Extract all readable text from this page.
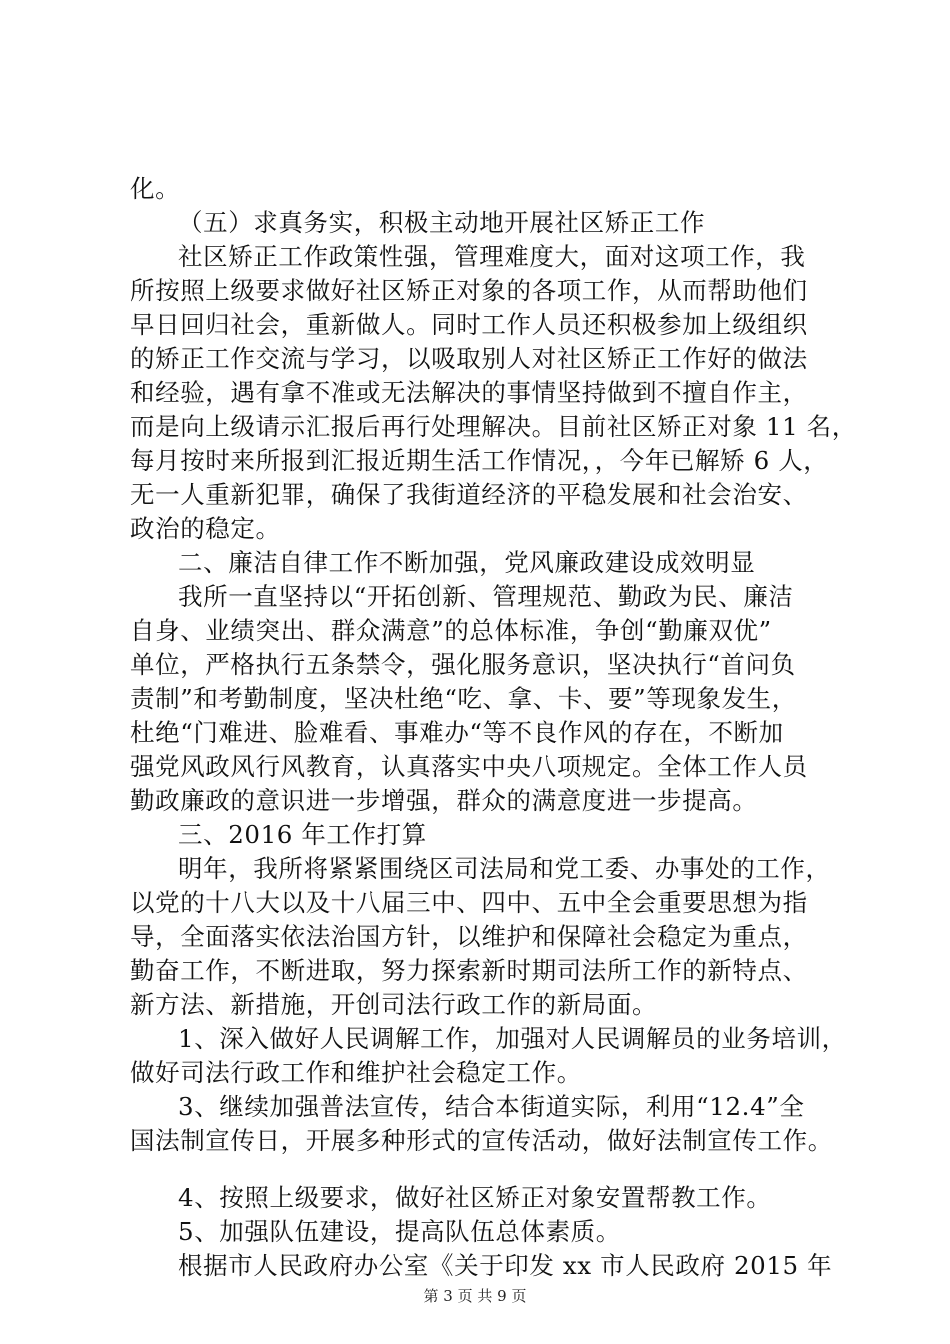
化。
（五）求真务实，积极主动地开展社区矫正工作
社区矫正工作政策性强，管理难度大，面对这项工作，我
所按照上级要求做好社区矫正对象的各项工作，从而帮助他们
早日回归社会，重新做人。同时工作人员还积极参加上级组织
的矫正工作交流与学习，以吸取别人对社区矫正工作好的做法
和经验，遇有拿不准或无法解决的事情坚持做到不擅自作主，
而是向上级请示汇报后再行处理解决。目前社区矫正对象 11 名，
每月按时来所报到汇报近期生活工作情况，，今年已解矫 6 人，
无一人重新犯罪，确保了我街道经济的平稳发展和社会治安、
政治的稳定。
二、廉洁自律工作不断加强，党风廉政建设成效明显
我所一直坚持以“开拓创新、管理规范、勤政为民、廉洁
自身、业绩突出、群众满意”的总体标准，争创“勤廉双优”
单位，严格执行五条禁令，强化服务意识，坚决执行“首问负
责制”和考勤制度，坚决杜绝“吃、拿、卡、要”等现象发生，
杜绝“门难进、脸难看、事难办“等不良作风的存在，不断加
强党风政风行风教育，认真落实中央八项规定。全体工作人员
勤政廉政的意识进一步增强，群众的满意度进一步提高。
三、2016 年工作打算
明年，我所将紧紧围绕区司法局和党工委、办事处的工作，
以党的十八大以及十八届三中、四中、五中全会重要思想为指
导，全面落实依法治国方针，以维护和保障社会稳定为重点，
勤奋工作，不断进取，努力探索新时期司法所工作的新特点、
新方法、新措施，开创司法行政工作的新局面。
1、深入做好人民调解工作，加强对人民调解员的业务培训，
做好司法行政工作和维护社会稳定工作。
3、继续加强普法宣传，结合本街道实际，利用“12.4”全
国法制宣传日，开展多种形式的宣传活动，做好法制宣传工作。
4、按照上级要求，做好社区矫正对象安置帮教工作。
5、加强队伍建设，提高队伍总体素质。
根据市人民政府办公室《关于印发 xx 市人民政府 2015 年
第 3 页 共 9 页
